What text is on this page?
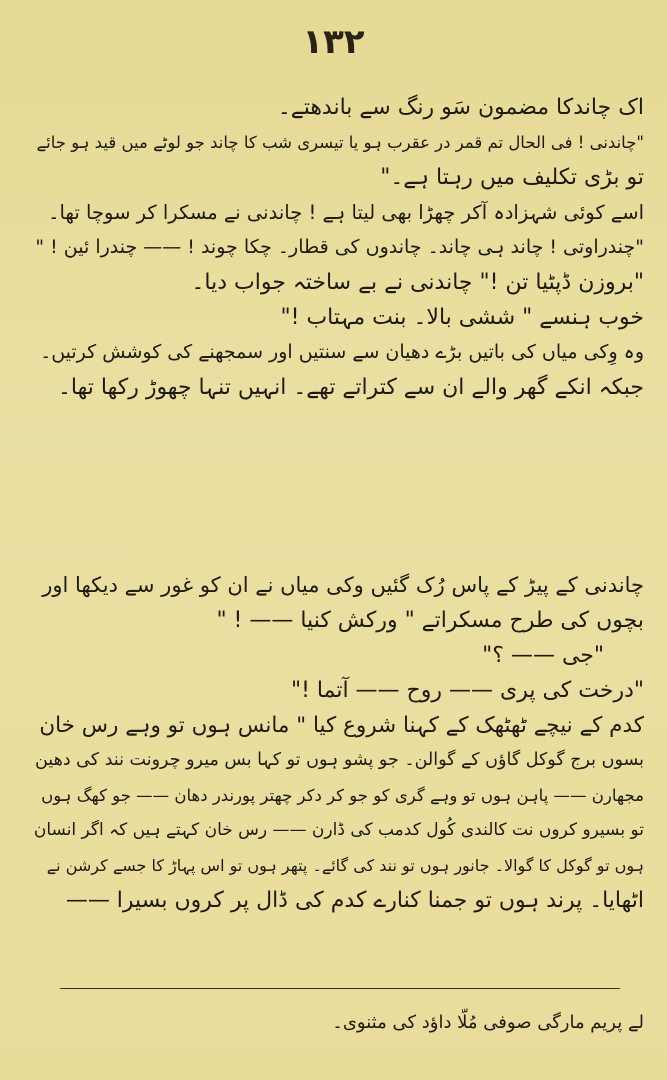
۱۳۲
اک چاندکا مضمون سَو رنگ سے باندھتے۔
"چاندنی ! فی الحال تم قمر در عقرب ہو یا تیسری شب کا چاند جو لوٹے میں قید ہو جائے
تو بڑی تکلیف میں رہتا ہے۔"
اسے کوئی شہزادہ آکر چھڑا بھی لیتا ہے ! چاندنی نے مسکرا کر سوچا تھا۔
"چندراوتی ! چاند ہی چاند۔ چاندوں کی قطار۔ چکا چوند ! —— چندرا ئین ! "
"بروزن ڈپٹیا تن !" چاندنی نے بے ساختہ جواب دیا۔
خوب ہنسے " ششی بالا۔ بنت مہتاب !"
وہ وِکی میاں کی باتیں بڑے دھیان سے سنتیں اور سمجھنے کی کوشش کرتیں۔
جبکہ انکے گھر والے ان سے کتراتے تھے۔ انہیں تنہا چھوڑ رکھا تھا۔
چاندنی کے پیڑ کے پاس رُک گئیں وکی میاں نے ان کو غور سے دیکھا اور
بچوں کی طرح مسکراتے " ورکش کنیا —— ! "
"جی —— ؟"
"درخت کی پری —— روح —— آتما !"
کدم کے نیچے ٹھٹھک کے کہنا شروع کیا " مانس ہوں تو وہے رس خان
بسوں برج گوکل گاؤں کے گوالن۔ جو پشو ہوں تو کہا بس میرو چرونت نند کی دھین
مجھارن —— پاہن ہوں تو وہے گری کو جو کر دکر چھتر پورندر دھان —— جو کھگ ہوں
تو بسیرو کروں نت کالندی کُول کدمب کی ڈارن —— رس خان کہتے ہیں کہ اگر انسان
ہوں تو گوکل کا گوالا۔ جانور ہوں تو نند کی گائے۔ پتھر ہوں تو اس پہاڑ کا جسے کرشن نے
اٹھایا۔ پرند ہوں تو جمنا کنارے کدم کی ڈال پر کروں بسیرا ——
لے پریم مارگی صوفی مُلّا داؤد کی مثنوی۔
